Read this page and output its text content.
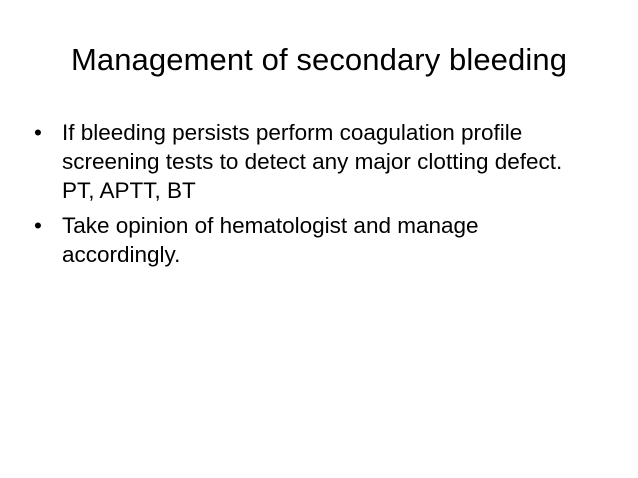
Management of secondary bleeding
• If bleeding persists perform coagulation profile screening tests to detect any major clotting defect. PT, APTT, BT
• Take opinion of hematologist and manage accordingly.
